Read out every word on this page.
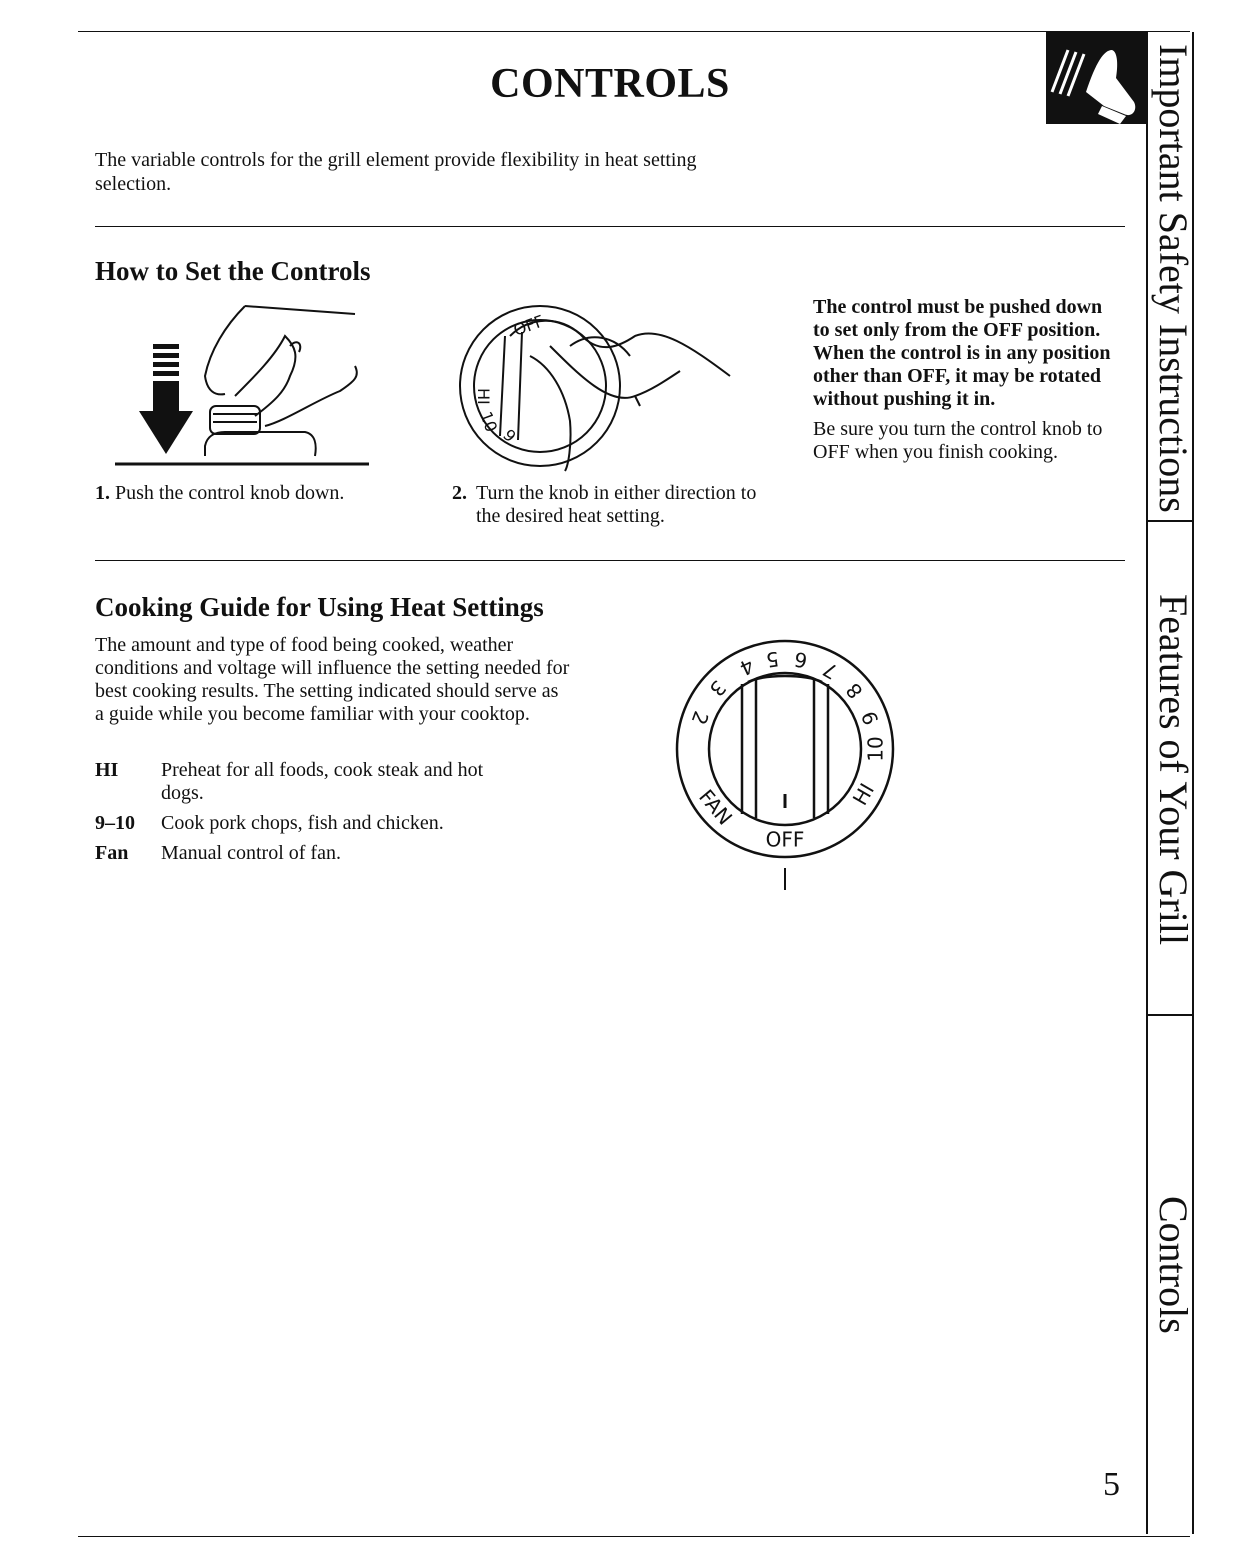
CONTROLS
The variable controls for the grill element provide flexibility in heat setting selection.
How to Set the Controls
1. Push the control knob down.
OFF
HI
10
9
2. Turn the knob in either direction to the desired heat setting.
The control must be pushed down to set only from the OFF position. When the control is in any position other than OFF, it may be rotated without pushing it in.
Be sure you turn the control knob to OFF when you finish cooking.
Cooking Guide for Using Heat Settings
The amount and type of food being cooked, weather conditions and voltage will influence the setting needed for best cooking results. The setting indicated should serve as a guide while you become familiar with your cooktop.
HI	Preheat for all foods, cook steak and hot dogs.
9–10	Cook pork chops, fish and chicken.
Fan	Manual control of fan.
2
3
4 5 6 7
8
9
10
HI
OFF
FAN
Important Safety Instructions
Features of Your Grill
Controls
5
